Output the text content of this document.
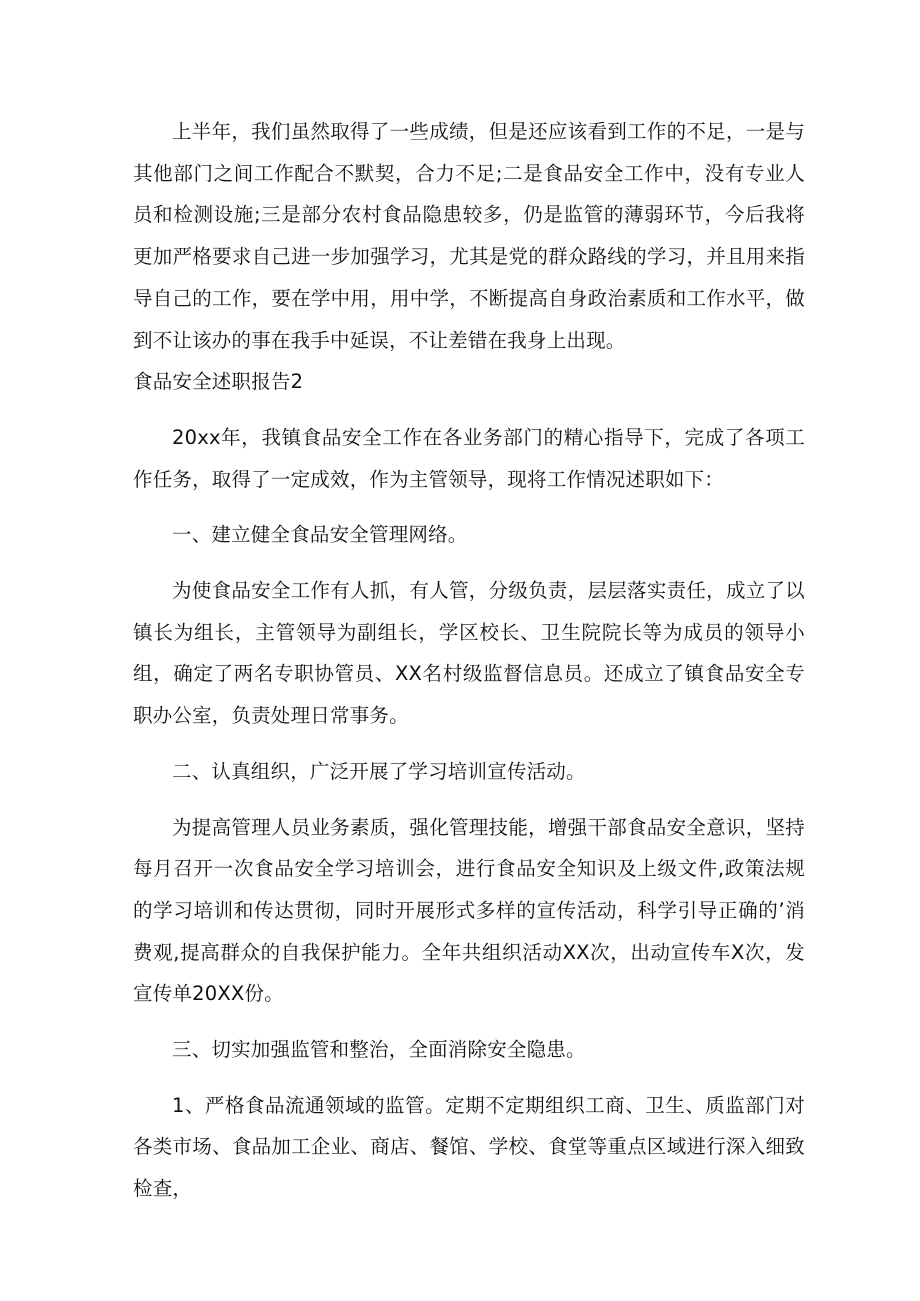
上半年，我们虽然取得了一些成绩，但是还应该看到工作的不足，一是与其他部门之间工作配合不默契，合力不足;二是食品安全工作中，没有专业人员和检测设施;三是部分农村食品隐患较多，仍是监管的薄弱环节，今后我将更加严格要求自己进一步加强学习，尤其是党的群众路线的学习，并且用来指导自己的工作，要在学中用，用中学，不断提高自身政治素质和工作水平，做到不让该办的事在我手中延误，不让差错在我身上出现。

食品安全述职报告2

20xx年，我镇食品安全工作在各业务部门的精心指导下，完成了各项工作任务，取得了一定成效，作为主管领导，现将工作情况述职如下：

一、建立健全食品安全管理网络。

为使食品安全工作有人抓，有人管，分级负责，层层落实责任，成立了以镇长为组长，主管领导为副组长，学区校长、卫生院院长等为成员的领导小组，确定了两名专职协管员、XX名村级监督信息员。还成立了镇食品安全专职办公室，负责处理日常事务。

二、认真组织，广泛开展了学习培训宣传活动。

为提高管理人员业务素质，强化管理技能，增强干部食品安全意识，坚持每月召开一次食品安全学习培训会，进行食品安全知识及上级文件,政策法规的学习培训和传达贯彻，同时开展形式多样的宣传活动，科学引导正确的’消费观,提高群众的自我保护能力。全年共组织活动XX次，出动宣传车X次，发宣传单20XX份。

三、切实加强监管和整治，全面消除安全隐患。

1、严格食品流通领域的监管。定期不定期组织工商、卫生、质监部门对各类市场、食品加工企业、商店、餐馆、学校、食堂等重点区域进行深入细致检查，
